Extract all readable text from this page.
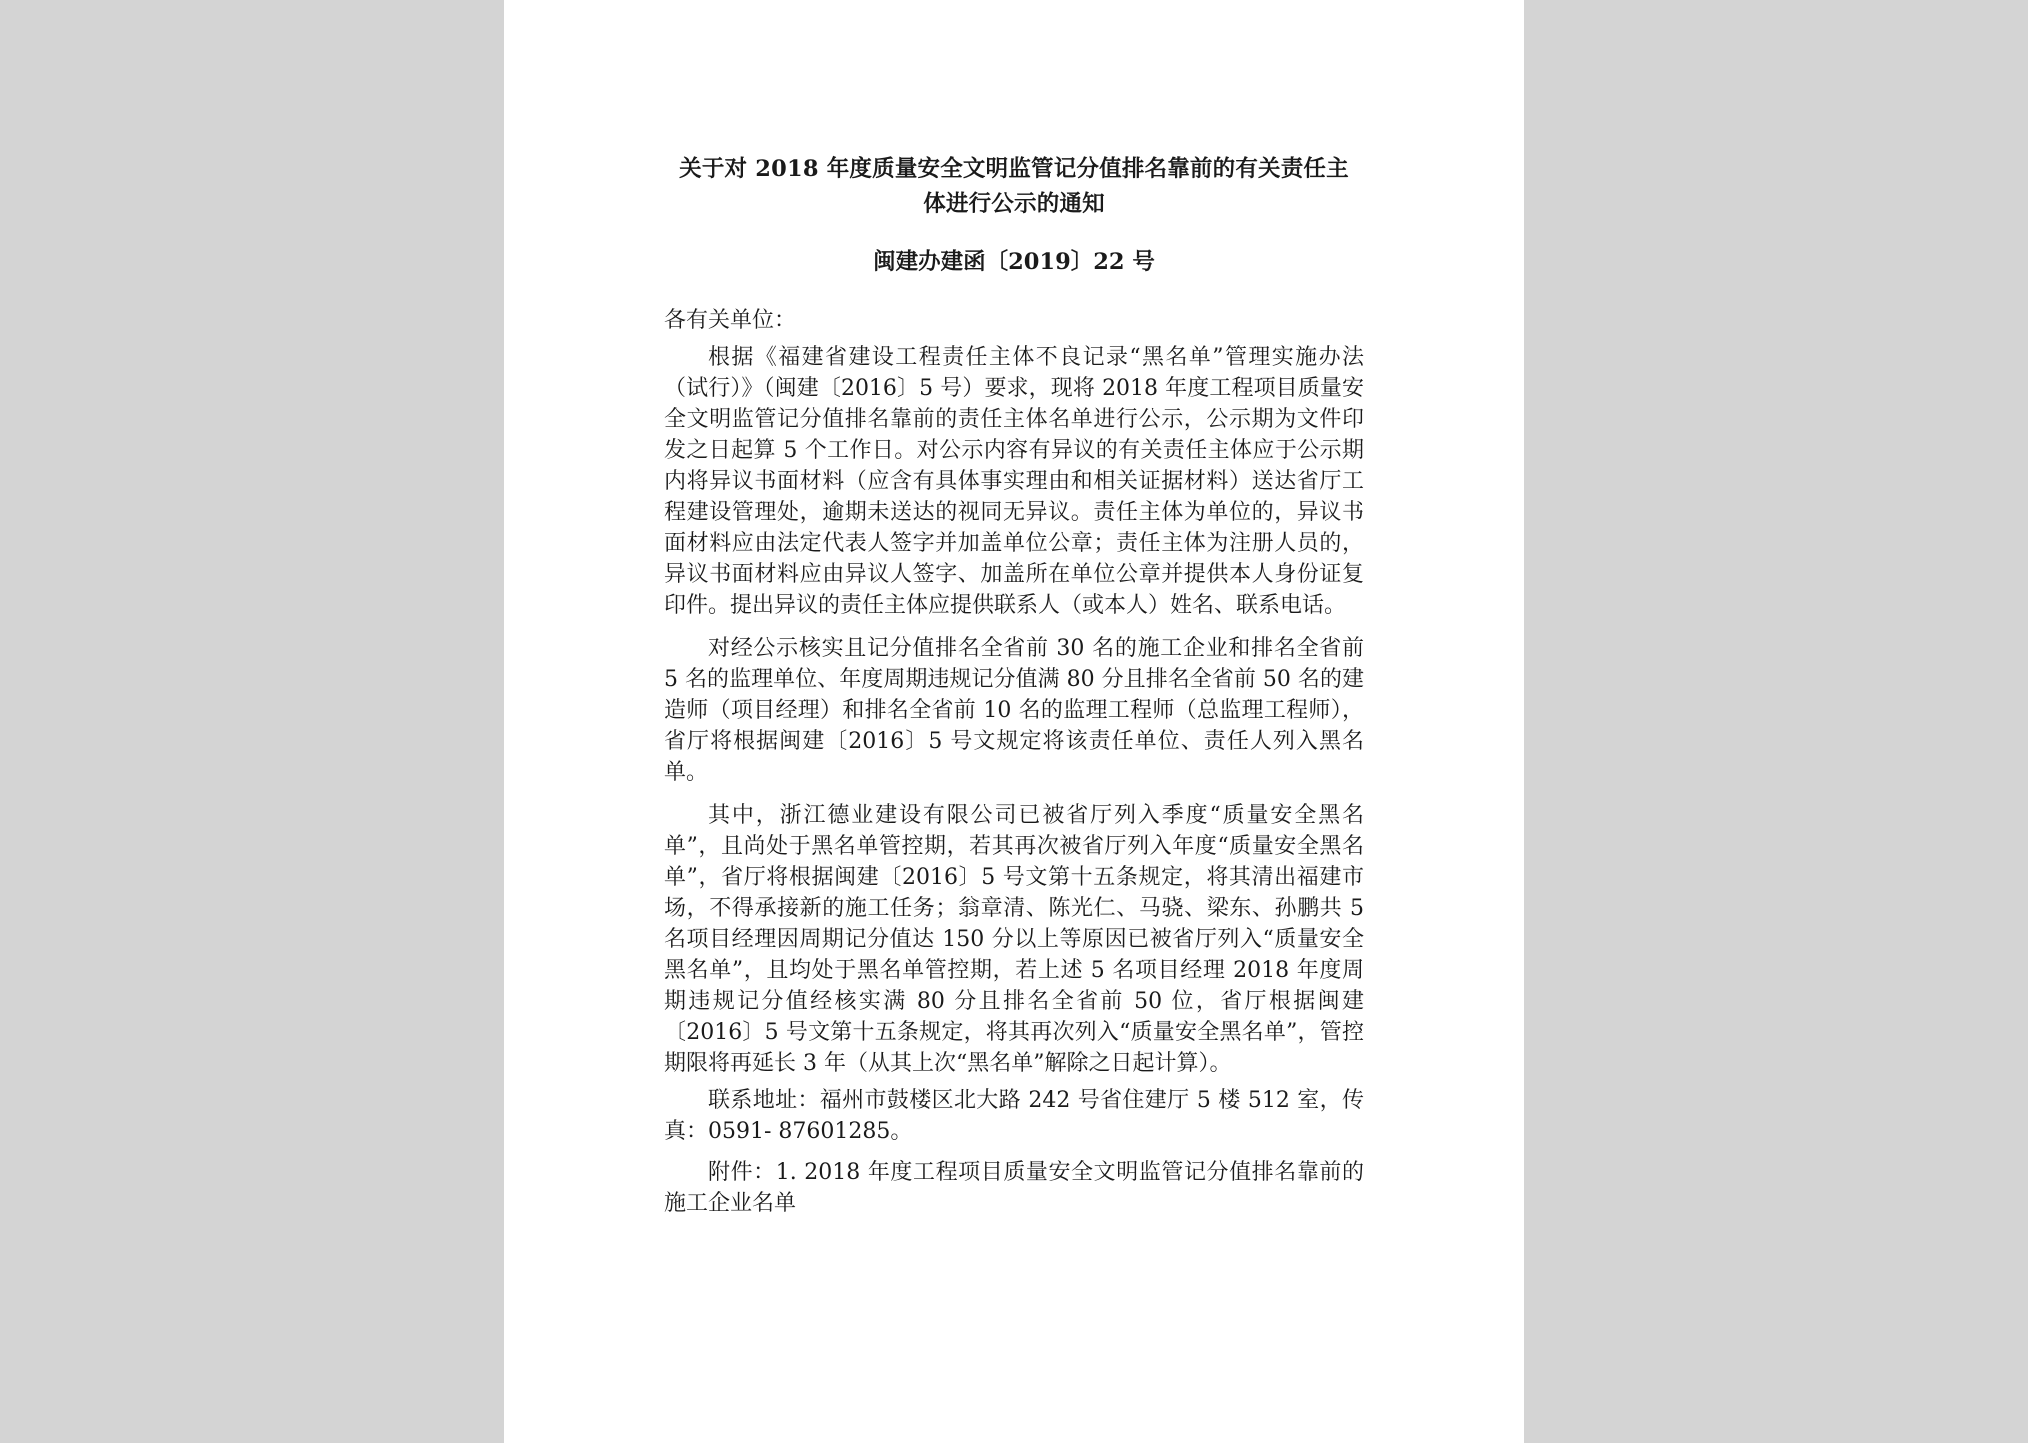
关于对 2018 年度质量安全文明监管记分值排名靠前的有关责任主体进行公示的通知

闽建办建函〔2019〕22 号

各有关单位：

根据《福建省建设工程责任主体不良记录“黑名单”管理实施办法（试行）》（闽建〔2016〕5 号）要求，现将 2018 年度工程项目质量安全文明监管记分值排名靠前的责任主体名单进行公示，公示期为文件印发之日起算 5 个工作日。对公示内容有异议的有关责任主体应于公示期内将异议书面材料（应含有具体事实理由和相关证据材料）送达省厅工程建设管理处，逾期未送达的视同无异议。责任主体为单位的，异议书面材料应由法定代表人签字并加盖单位公章；责任主体为注册人员的，异议书面材料应由异议人签字、加盖所在单位公章并提供本人身份证复印件。提出异议的责任主体应提供联系人（或本人）姓名、联系电话。

对经公示核实且记分值排名全省前 30 名的施工企业和排名全省前 5 名的监理单位、年度周期违规记分值满 80 分且排名全省前 50 名的建造师（项目经理）和排名全省前 10 名的监理工程师（总监理工程师），省厅将根据闽建〔2016〕5 号文规定将该责任单位、责任人列入黑名单。

其中，浙江德业建设有限公司已被省厅列入季度“质量安全黑名单”，且尚处于黑名单管控期，若其再次被省厅列入年度“质量安全黑名单”，省厅将根据闽建〔2016〕5 号文第十五条规定，将其清出福建市场，不得承接新的施工任务；翁章清、陈光仁、马骁、梁东、孙鹏共 5 名项目经理因周期记分值达 150 分以上等原因已被省厅列入“质量安全黑名单”，且均处于黑名单管控期，若上述 5 名项目经理 2018 年度周期违规记分值经核实满 80 分且排名全省前 50 位，省厅根据闽建〔2016〕5 号文第十五条规定，将其再次列入“质量安全黑名单”，管控期限将再延长 3 年（从其上次“黑名单”解除之日起计算）。

联系地址：福州市鼓楼区北大路 242 号省住建厅 5 楼 512 室，传真：0591- 87601285。

附件：1. 2018 年度工程项目质量安全文明监管记分值排名靠前的施工企业名单
